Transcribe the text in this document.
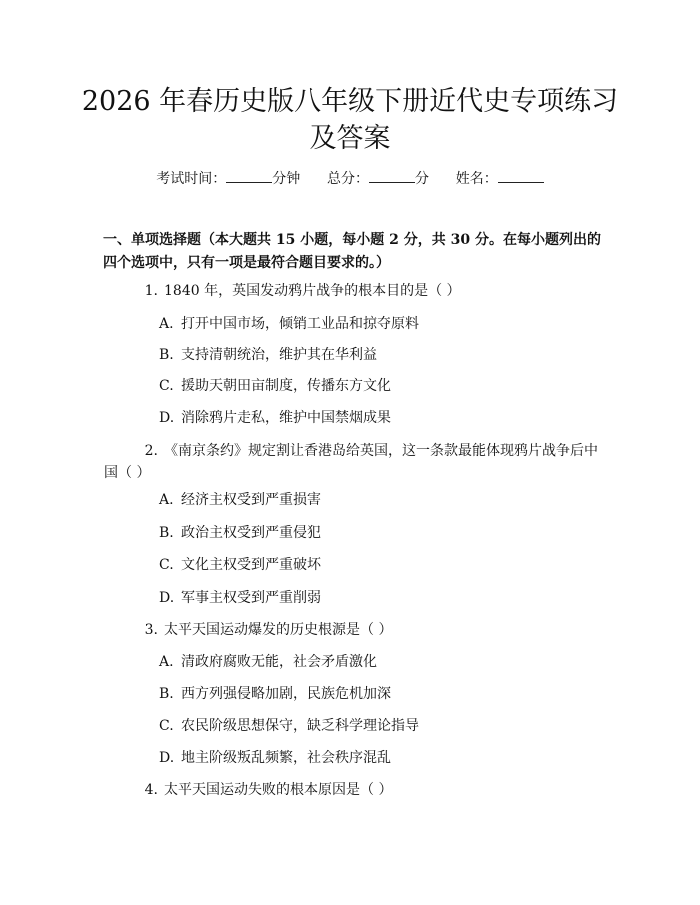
2026 年春历史版八年级下册近代史专项练习
及答案
考试时间：	分钟 总分：	分 姓名：
一、单项选择题（本大题共 15 小题，每小题 2 分，共 30 分。在每小题列出的四个选项中，只有一项是最符合题目要求的。）
1. 1840 年，英国发动鸦片战争的根本目的是（ ）
A. 打开中国市场，倾销工业品和掠夺原料
B. 支持清朝统治，维护其在华利益
C. 援助天朝田亩制度，传播东方文化
D. 消除鸦片走私，维护中国禁烟成果
2. 《南京条约》规定割让香港岛给英国，这一条款最能体现鸦片战争后中国（ ）
A. 经济主权受到严重损害
B. 政治主权受到严重侵犯
C. 文化主权受到严重破坏
D. 军事主权受到严重削弱
3. 太平天国运动爆发的历史根源是（ ）
A. 清政府腐败无能，社会矛盾激化
B. 西方列强侵略加剧，民族危机加深
C. 农民阶级思想保守，缺乏科学理论指导
D. 地主阶级叛乱频繁，社会秩序混乱
4. 太平天国运动失败的根本原因是（ ）
